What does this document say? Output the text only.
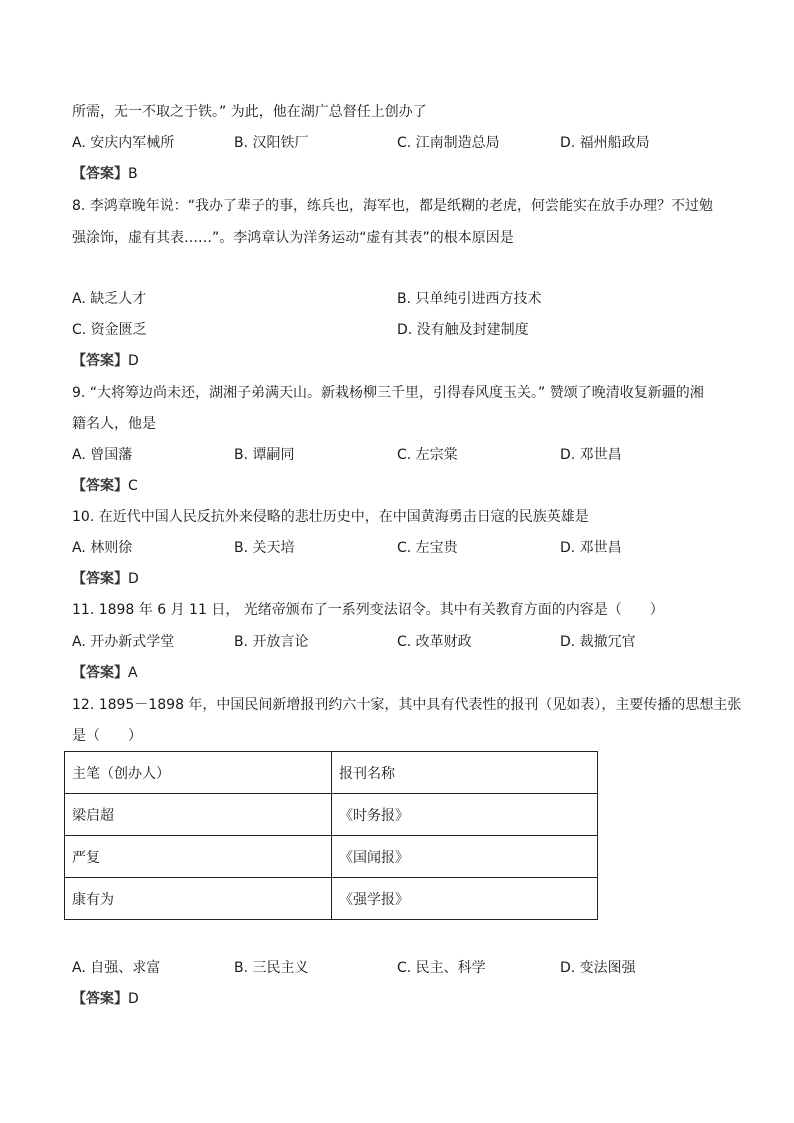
所需，无一不取之于铁。” 为此，他在湖广总督任上创办了
A. 安庆内军械所	B. 汉阳铁厂	C. 江南制造总局	D. 福州船政局
【答案】B
8. 李鸿章晚年说：“我办了辈子的事，练兵也，海军也，都是纸糊的老虎，何尝能实在放手办理？不过勉
强涂饰，虚有其表……”。李鸿章认为洋务运动“虚有其表”的根本原因是
A. 缺乏人才	B. 只单纯引进西方技术
C. 资金匮乏	D. 没有触及封建制度
【答案】D
9. “大将筹边尚未还，湖湘子弟满天山。新栽杨柳三千里，引得春风度玉关。” 赞颂了晚清收复新疆的湘
籍名人，他是
A. 曾国藩	B. 谭嗣同	C. 左宗棠	D. 邓世昌
【答案】C
10. 在近代中国人民反抗外来侵略的悲壮历史中，在中国黄海勇击日寇的民族英雄是
A. 林则徐	B. 关天培	C. 左宝贵	D. 邓世昌
【答案】D
11. 1898 年 6 月 11 日， 光绪帝颁布了一系列变法诏令。其中有关教育方面的内容是（　　）
A. 开办新式学堂	B. 开放言论	C. 改革财政	D. 裁撤冗官
【答案】A
12. 1895－1898 年，中国民间新增报刊约六十家，其中具有代表性的报刊（见如表），主要传播的思想主张
是（　　）
主笔（创办人）	报刊名称
梁启超	《时务报》
严复	《国闻报》
康有为	《强学报》
A. 自强、求富	B. 三民主义	C. 民主、科学	D. 变法图强
【答案】D
